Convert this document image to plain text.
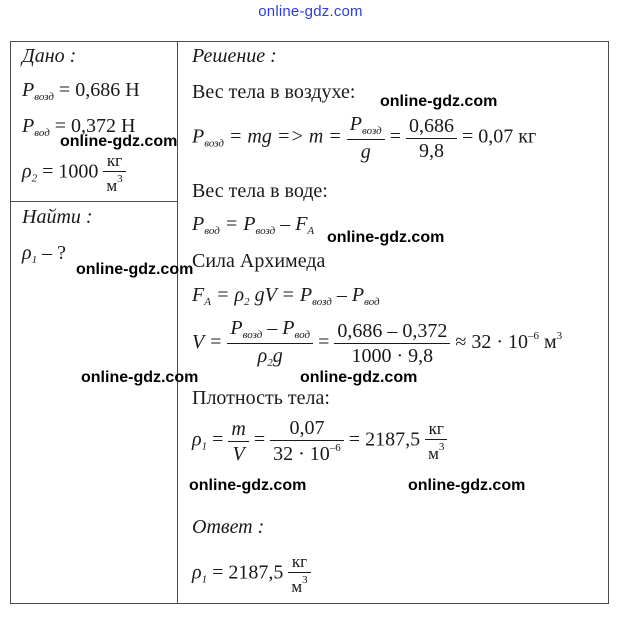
online-gdz.com
Дано :
$P_{возд} = 0,686$ Н
$P_{вод} = 0,372$ Н
$\rho_2 = 1000 \frac{кг}{м^3}$
Найти :
$\rho_1$ – ?
Решение :
Вес тела в воздухе:
$P_{возд}$ = mg => $m = \frac{P_{возд}}{g} = \frac{0,686}{9,8} = 0,07$ кг
Вес тела в воде:
$P_{вод} = P_{возд} - F_A$
Сила Архимеда
$F_A = \rho_2$ gV = $P_{возд} - P_{вод}$
$V = \frac{P_{возд} - P_{вод}}{\rho_2g} = \frac{0,686 - 0,372}{1000 \cdot 9,8} \approx 32 \cdot 10^{-6}$ $м^3$
Плотность тела:
$\rho_1 = \frac{m}{V} = \frac{0,07}{32 \cdot 10^{-6}} = 2187,5 \frac{кг}{м^3}$
Ответ :
$\rho_1 = 2187,5 \frac{кг}{м^3}$
online-gdz.com
online-gdz.com
online-gdz.com
online-gdz.com
online-gdz.com	online-gdz.com
online-gdz.com	online-gdz.com
